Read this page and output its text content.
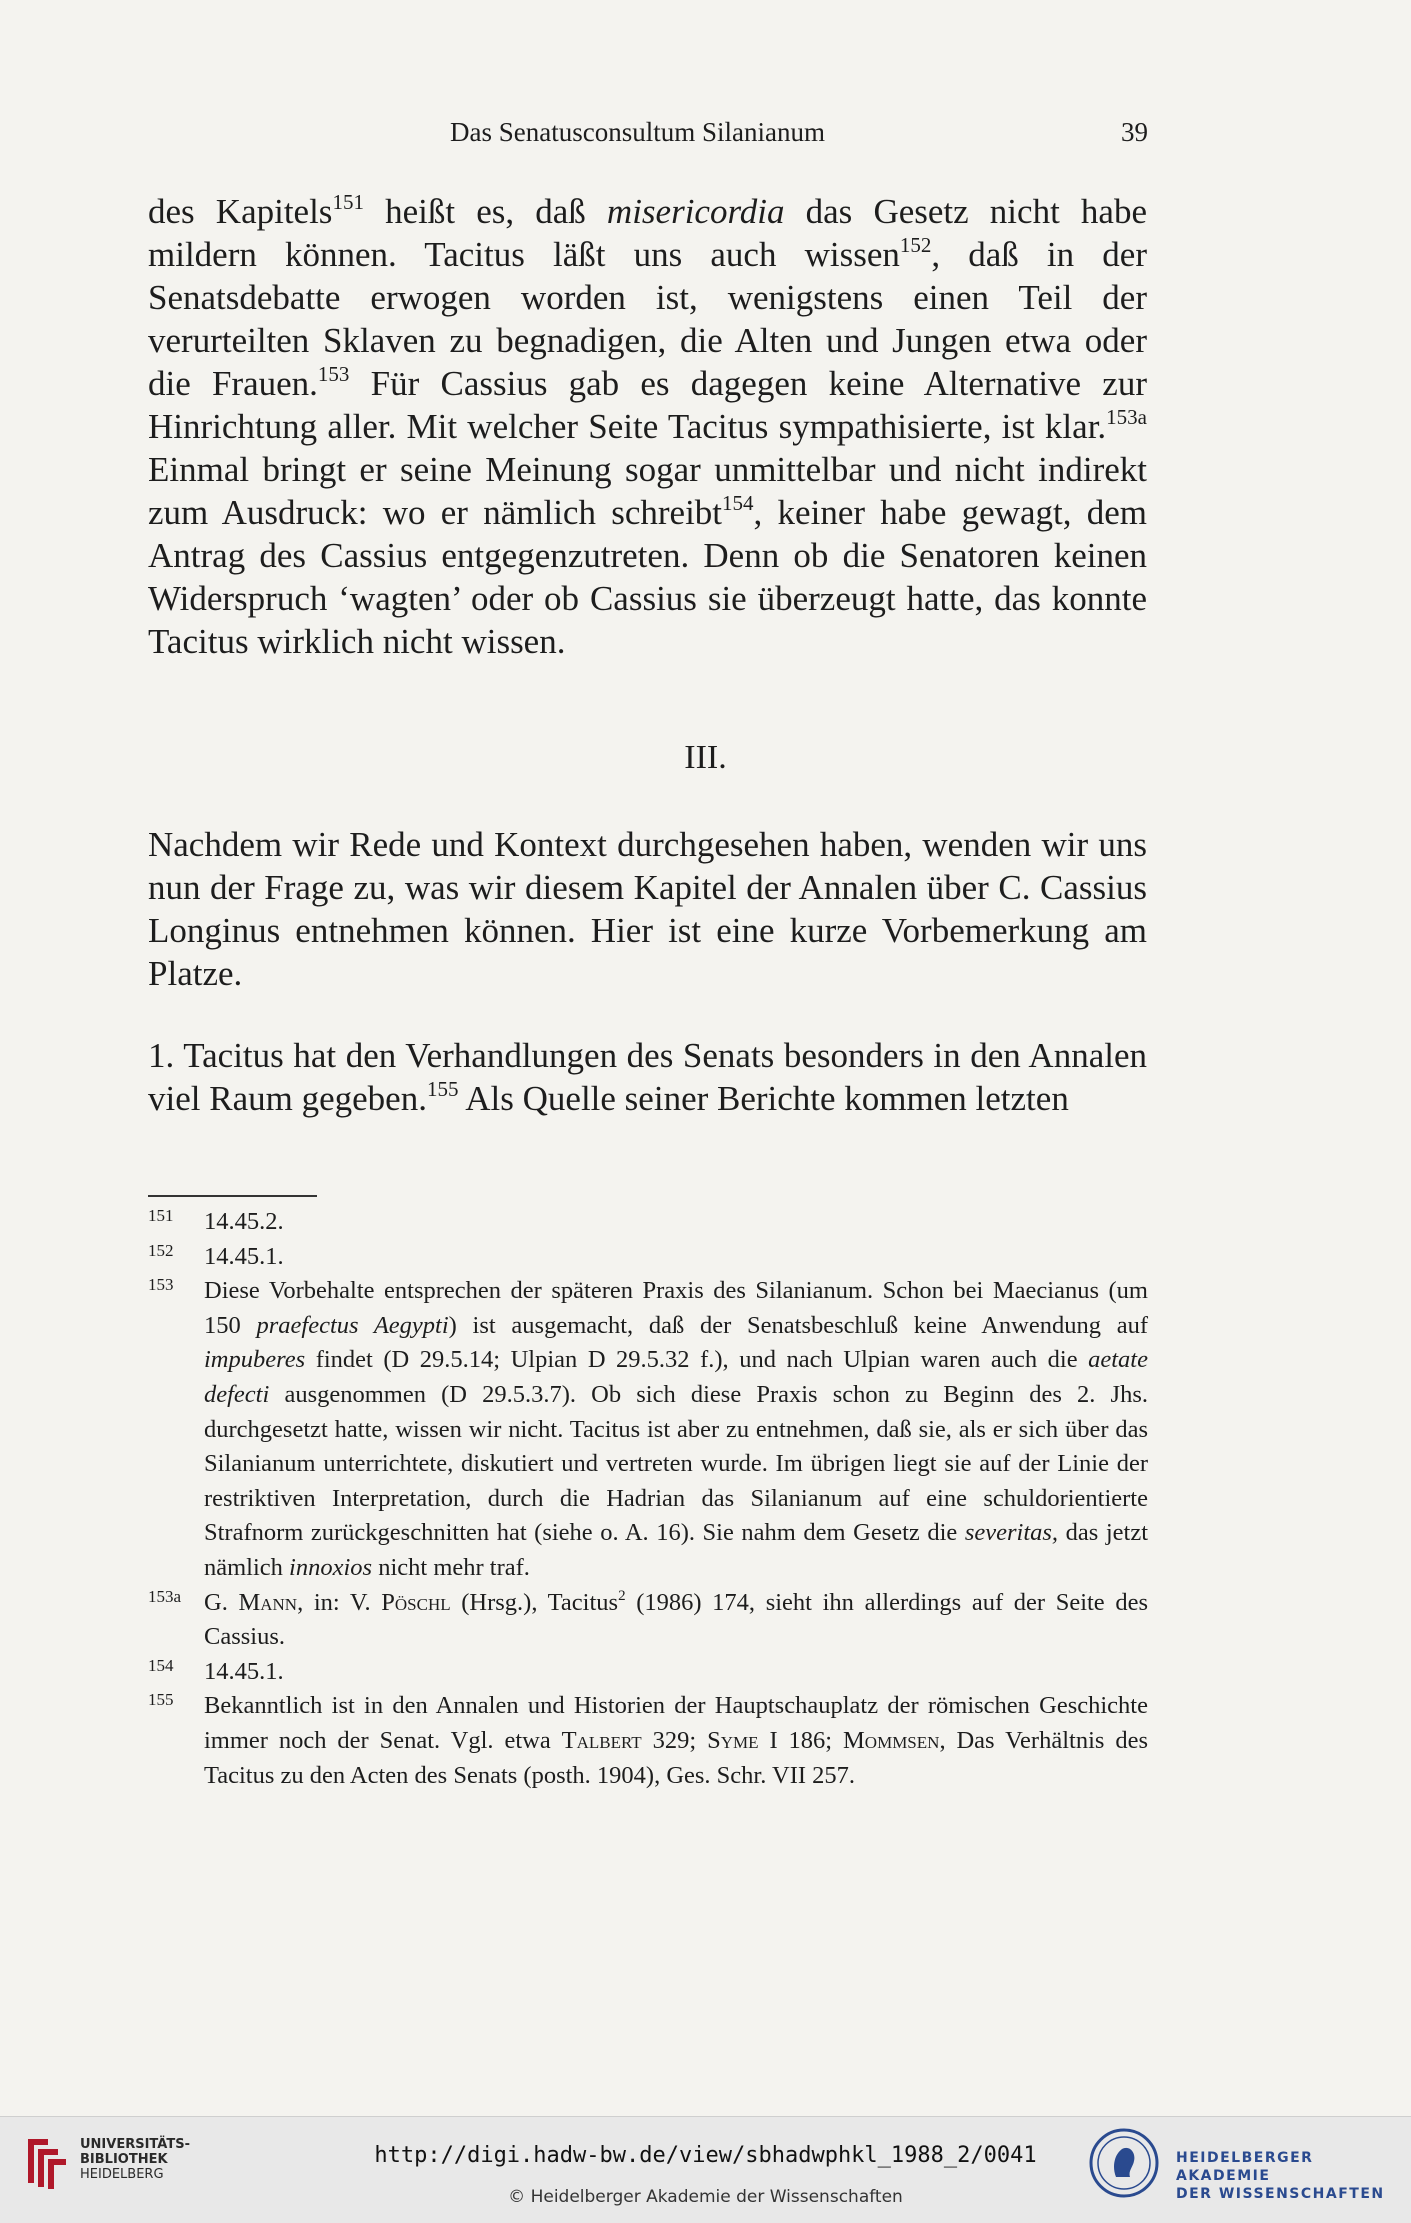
Das Senatusconsultum Silanianum	39

des Kapitels$^{151}$ heißt es, daß misericordia das Gesetz nicht habe mildern können. Tacitus läßt uns auch wissen$^{152}$, daß in der Senatsdebatte erwogen worden ist, wenigstens einen Teil der verurteilten Sklaven zu begnadigen, die Alten und Jungen etwa oder die Frauen.$^{153}$ Für Cassius gab es dagegen keine Alternative zur Hinrichtung aller. Mit welcher Seite Tacitus sympathisierte, ist klar.$^{153a}$ Einmal bringt er seine Meinung sogar unmittelbar und nicht indirekt zum Ausdruck: wo er nämlich schreibt$^{154}$, keiner habe gewagt, dem Antrag des Cassius entgegenzutreten. Denn ob die Senatoren keinen Widerspruch ‘wagten’ oder ob Cassius sie überzeugt hatte, das konnte Tacitus wirklich nicht wissen.

III.

Nachdem wir Rede und Kontext durchgesehen haben, wenden wir uns nun der Frage zu, was wir diesem Kapitel der Annalen über C. Cassius Longinus entnehmen können. Hier ist eine kurze Vorbemerkung am Platze.

1. Tacitus hat den Verhandlungen des Senats besonders in den Annalen viel Raum gegeben.$^{155}$ Als Quelle seiner Berichte kommen letzten

151 14.45.2.
152 14.45.1.
153 Diese Vorbehalte entsprechen der späteren Praxis des Silanianum. Schon bei Maecianus (um 150 praefectus Aegypti) ist ausgemacht, daß der Senatsbeschluß keine Anwendung auf impuberes findet (D 29.5.14; Ulpian D 29.5.32 f.), und nach Ulpian waren auch die aetate defecti ausgenommen (D 29.5.3.7). Ob sich diese Praxis schon zu Beginn des 2. Jhs. durchgesetzt hatte, wissen wir nicht. Tacitus ist aber zu entnehmen, daß sie, als er sich über das Silanianum unterrichtete, diskutiert und vertreten wurde. Im übrigen liegt sie auf der Linie der restriktiven Interpretation, durch die Hadrian das Silanianum auf eine schuldorientierte Strafnorm zurückgeschnitten hat (siehe o. A. 16). Sie nahm dem Gesetz die severitas, das jetzt nämlich innoxios nicht mehr traf.
153a G. Mann, in: V. Pöschl (Hrsg.), Tacitus$^2$ (1986) 174, sieht ihn allerdings auf der Seite des Cassius.
154 14.45.1.
155 Bekanntlich ist in den Annalen und Historien der Hauptschauplatz der römischen Geschichte immer noch der Senat. Vgl. etwa Talbert 329; Syme I 186; Mommsen, Das Verhältnis des Tacitus zu den Acten des Senats (posth. 1904), Ges. Schr. VII 257.
UNIVERSITÄTS-
BIBLIOTHEK
HEIDELBERG
http://digi.hadw-bw.de/view/sbhadwphkl_1988_2/0041
© Heidelberger Akademie der Wissenschaften
HEIDELBERGER AKADEMIE
DER WISSENSCHAFTEN
